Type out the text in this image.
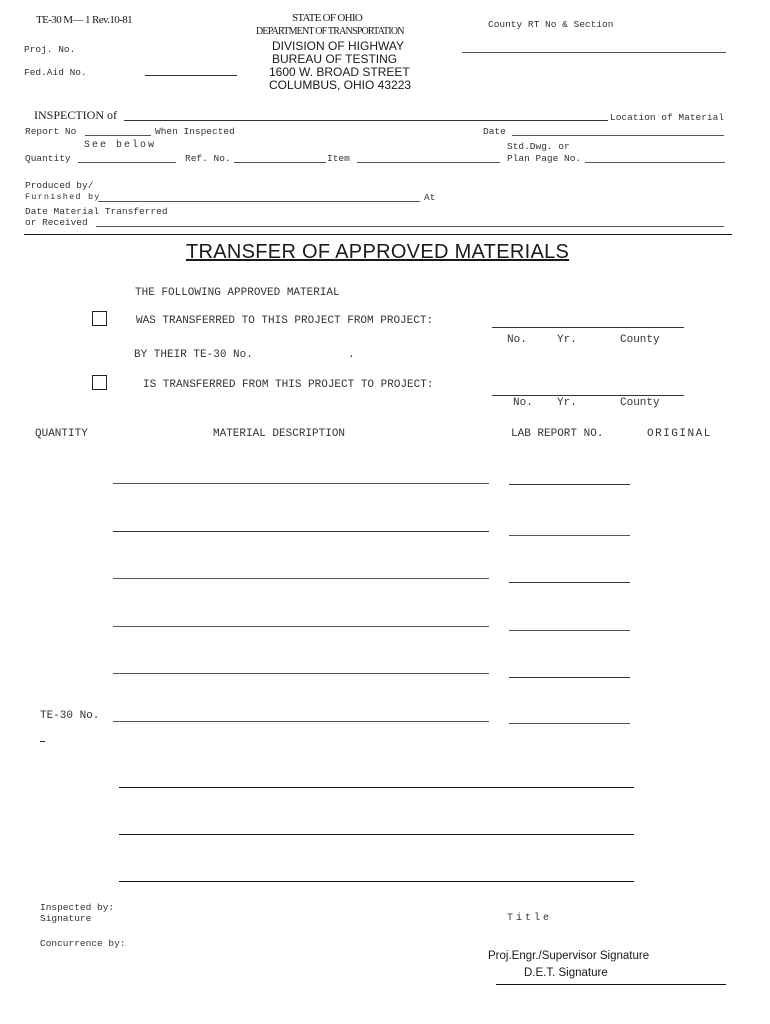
TE-30 M— 1 Rev.10-81
Proj. No.
Fed.Aid No.
STATE OF OHIO
DEPARTMENT OF TRANSPORTATION
DIVISION OF HIGHWAY
BUREAU OF TESTING
1600 W. BROAD STREET
COLUMBUS, OHIO 43223
County RT No & Section
INSPECTION of	Location of Material
Report No	When Inspected	Date
See below	Std.Dwg. or
Quantity	Ref. No.	Item	Plan Page No.
Produced by/
Furnished by	At
Date Material Transferred
or Received
TRANSFER OF APPROVED MATERIALS
THE FOLLOWING APPROVED MATERIAL
WAS TRANSFERRED TO THIS PROJECT FROM PROJECT:
No.	Yr.	County
BY THEIR TE-30 No.	.
IS TRANSFERRED FROM THIS PROJECT TO PROJECT:
No. Yr.	County
QUANTITY	MATERIAL DESCRIPTION	LAB REPORT NO.	ORIGINAL
TE-30 No.
Inspected by:
Signature	Title
Concurrence by:
Proj.Engr./Supervisor Signature
D.E.T. Signature
